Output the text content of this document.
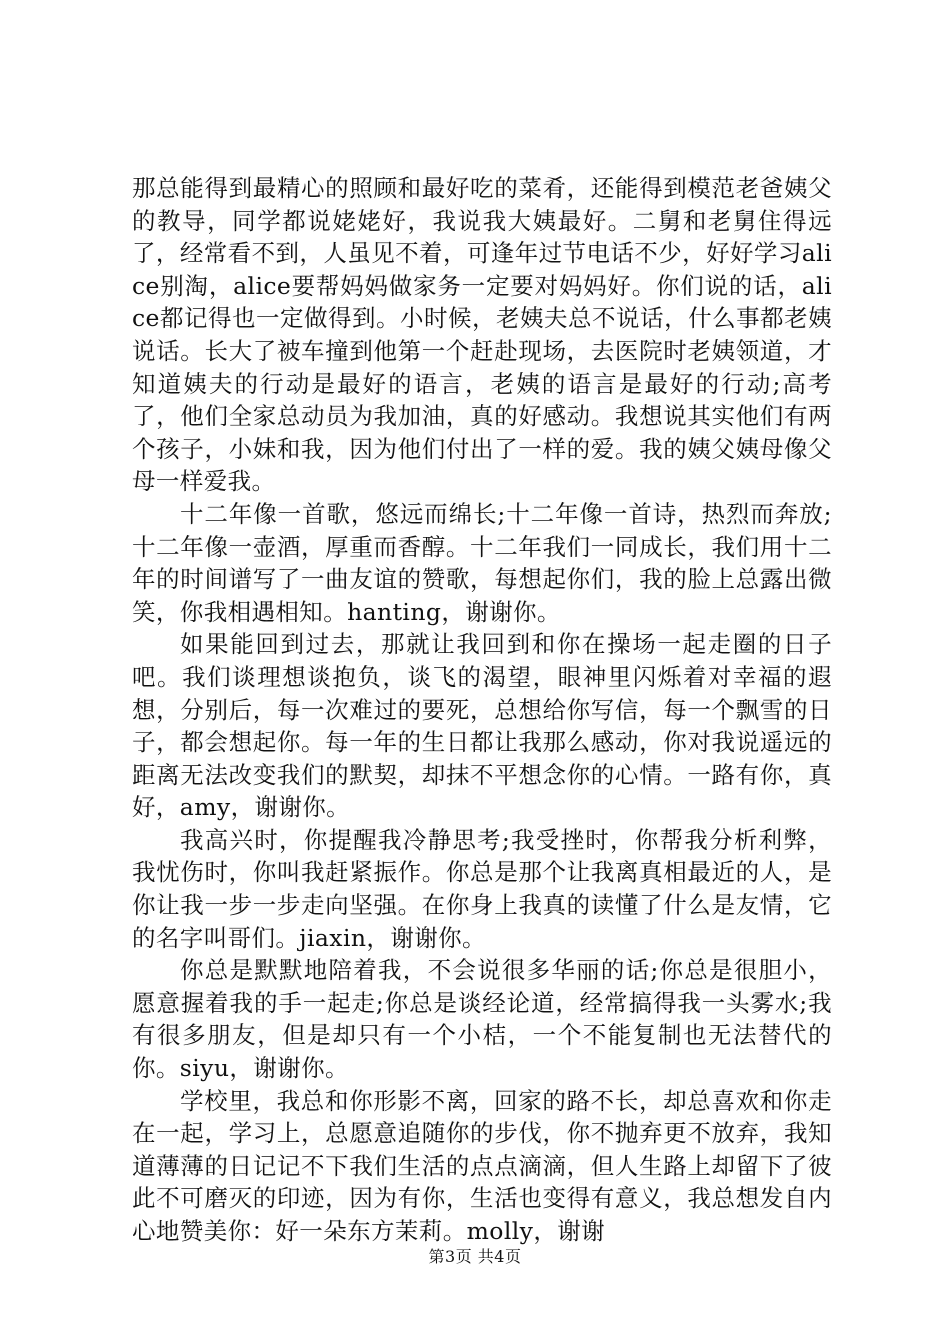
那总能得到最精心的照顾和最好吃的菜肴，还能得到模范老爸姨父的教导，同学都说姥姥好，我说我大姨最好。二舅和老舅住得远了，经常看不到，人虽见不着，可逢年过节电话不少，好好学习alice别淘，alice要帮妈妈做家务一定要对妈妈好。你们说的话，alice都记得也一定做得到。小时候，老姨夫总不说话，什么事都老姨说话。长大了被车撞到他第一个赶赴现场，去医院时老姨领道，才知道姨夫的行动是最好的语言，老姨的语言是最好的行动;高考了，他们全家总动员为我加油，真的好感动。我想说其实他们有两个孩子，小妹和我，因为他们付出了一样的爱。我的姨父姨母像父母一样爱我。

十二年像一首歌，悠远而绵长;十二年像一首诗，热烈而奔放;十二年像一壶酒，厚重而香醇。十二年我们一同成长，我们用十二年的时间谱写了一曲友谊的赞歌，每想起你们，我的脸上总露出微笑，你我相遇相知。hanting，谢谢你。

如果能回到过去，那就让我回到和你在操场一起走圈的日子吧。我们谈理想谈抱负，谈飞的渴望，眼神里闪烁着对幸福的遐想，分别后，每一次难过的要死，总想给你写信，每一个飘雪的日子，都会想起你。每一年的生日都让我那么感动，你对我说遥远的距离无法改变我们的默契，却抹不平想念你的心情。一路有你，真好，amy，谢谢你。

我高兴时，你提醒我冷静思考;我受挫时，你帮我分析利弊，我忧伤时，你叫我赶紧振作。你总是那个让我离真相最近的人，是你让我一步一步走向坚强。在你身上我真的读懂了什么是友情，它的名字叫哥们。jiaxin，谢谢你。

你总是默默地陪着我，不会说很多华丽的话;你总是很胆小，愿意握着我的手一起走;你总是谈经论道，经常搞得我一头雾水;我有很多朋友，但是却只有一个小桔，一个不能复制也无法替代的你。siyu，谢谢你。

学校里，我总和你形影不离，回家的路不长，却总喜欢和你走在一起，学习上，总愿意追随你的步伐，你不抛弃更不放弃，我知道薄薄的日记记不下我们生活的点点滴滴，但人生路上却留下了彼此不可磨灭的印迹，因为有你，生活也变得有意义，我总想发自内心地赞美你：好一朵东方茉莉。molly，谢谢

第3页 共4页
